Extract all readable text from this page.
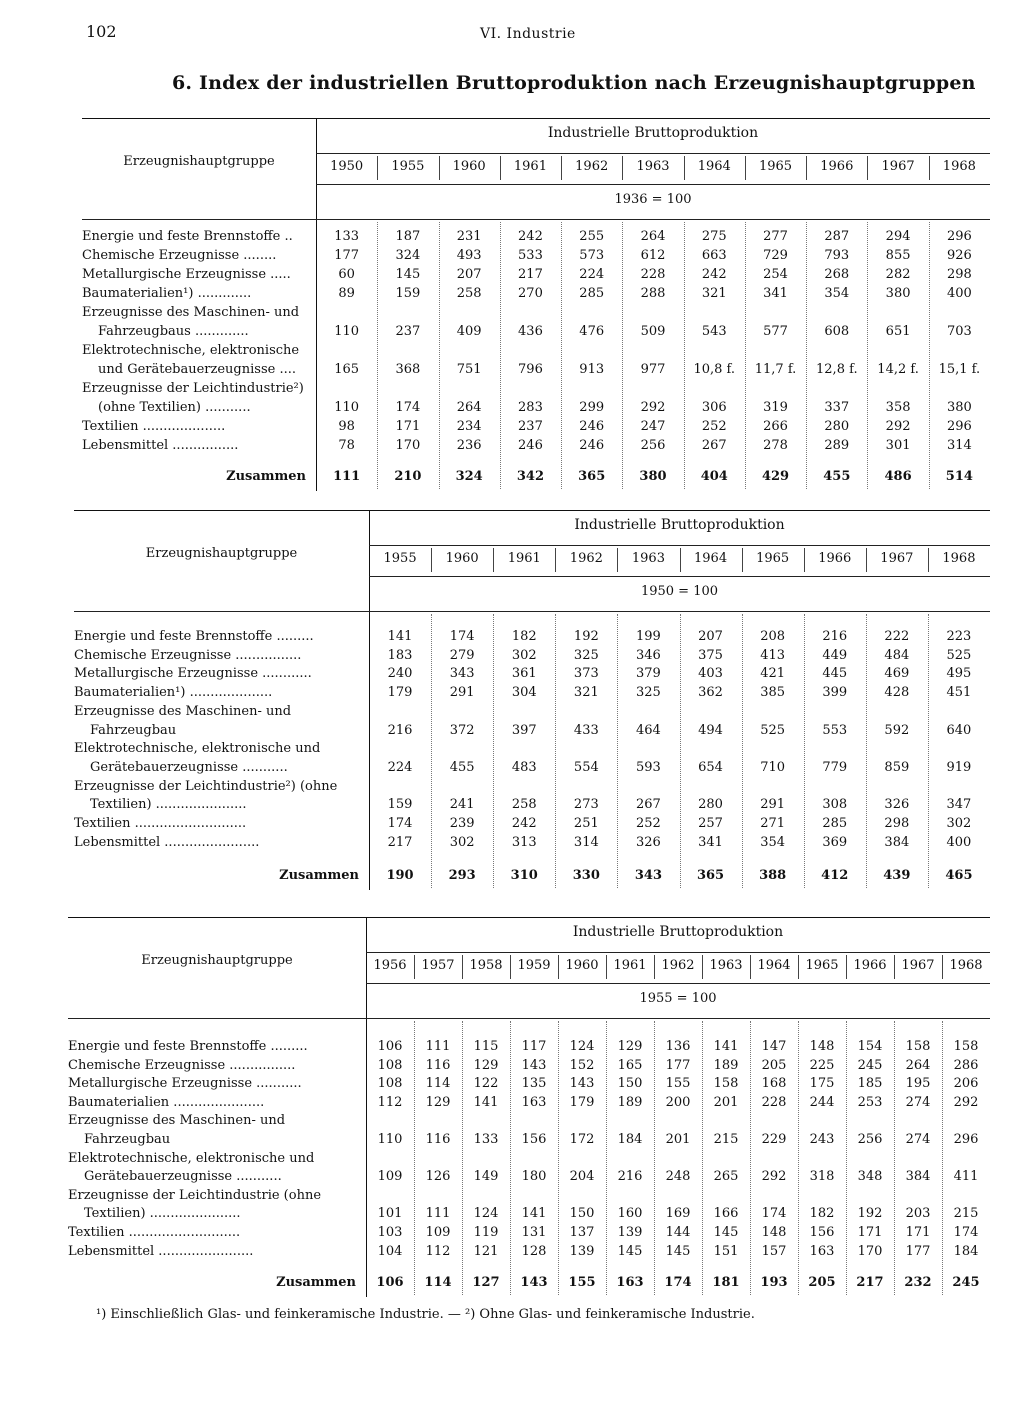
102	VI. Industrie
6. Index der industriellen Bruttoproduktion nach Erzeugnishauptgruppen
Erzeugnishauptgruppe
Industrielle Bruttoproduktion
1950	1955	1960	1961	1962	1963	1964	1965	1966	1967	1968
1936 = 100
Energie und feste Brennstoffe ..	133	187	231	242	255	264	275	277	287	294	296
Chemische Erzeugnisse ........	177	324	493	533	573	612	663	729	793	855	926
Metallurgische Erzeugnisse .....	60	145	207	217	224	228	242	254	268	282	298
Baumaterialien¹) .............	89	159	258	270	285	288	321	341	354	380	400
Erzeugnisse des Maschinen- und
Fahrzeugbaus .............	110	237	409	436	476	509	543	577	608	651	703
Elektrotechnische, elektronische
und Gerätebauerzeugnisse ....	165	368	751	796	913	977	10,8 f.	11,7 f.	12,8 f.	14,2 f.	15,1 f.
Erzeugnisse der Leichtindustrie²)
(ohne Textilien) ...........	110	174	264	283	299	292	306	319	337	358	380
Textilien ....................	98	171	234	237	246	247	252	266	280	292	296
Lebensmittel ................	78	170	236	246	246	256	267	278	289	301	314
Zusammen	111	210	324	342	365	380	404	429	455	486	514
Erzeugnishauptgruppe
Industrielle Bruttoproduktion
1955	1960	1961	1962	1963	1964	1965	1966	1967	1968
1950 = 100
Energie und feste Brennstoffe .........	141	174	182	192	199	207	208	216	222	223
Chemische Erzeugnisse ................	183	279	302	325	346	375	413	449	484	525
Metallurgische Erzeugnisse ............	240	343	361	373	379	403	421	445	469	495
Baumaterialien¹) ....................	179	291	304	321	325	362	385	399	428	451
Erzeugnisse des Maschinen- und
Fahrzeugbau	216	372	397	433	464	494	525	553	592	640
Elektrotechnische, elektronische und
Gerätebauerzeugnisse ...........	224	455	483	554	593	654	710	779	859	919
Erzeugnisse der Leichtindustrie²) (ohne
Textilien) ......................	159	241	258	273	267	280	291	308	326	347
Textilien ...........................	174	239	242	251	252	257	271	285	298	302
Lebensmittel .......................	217	302	313	314	326	341	354	369	384	400
Zusammen	190	293	310	330	343	365	388	412	439	465
Erzeugnishauptgruppe
Industrielle Bruttoproduktion
1956	1957	1958	1959	1960	1961	1962	1963	1964	1965	1966	1967	1968
1955 = 100
Energie und feste Brennstoffe .........	106	111	115	117	124	129	136	141	147	148	154	158	158
Chemische Erzeugnisse ................	108	116	129	143	152	165	177	189	205	225	245	264	286
Metallurgische Erzeugnisse ...........	108	114	122	135	143	150	155	158	168	175	185	195	206
Baumaterialien ......................	112	129	141	163	179	189	200	201	228	244	253	274	292
Erzeugnisse des Maschinen- und
Fahrzeugbau	110	116	133	156	172	184	201	215	229	243	256	274	296
Elektrotechnische, elektronische und
Gerätebauerzeugnisse ...........	109	126	149	180	204	216	248	265	292	318	348	384	411
Erzeugnisse der Leichtindustrie (ohne
Textilien) ......................	101	111	124	141	150	160	169	166	174	182	192	203	215
Textilien ...........................	103	109	119	131	137	139	144	145	148	156	171	171	174
Lebensmittel .......................	104	112	121	128	139	145	145	151	157	163	170	177	184
Zusammen	106	114	127	143	155	163	174	181	193	205	217	232	245
¹) Einschließlich Glas- und feinkeramische Industrie. — ²) Ohne Glas- und feinkeramische Industrie.
